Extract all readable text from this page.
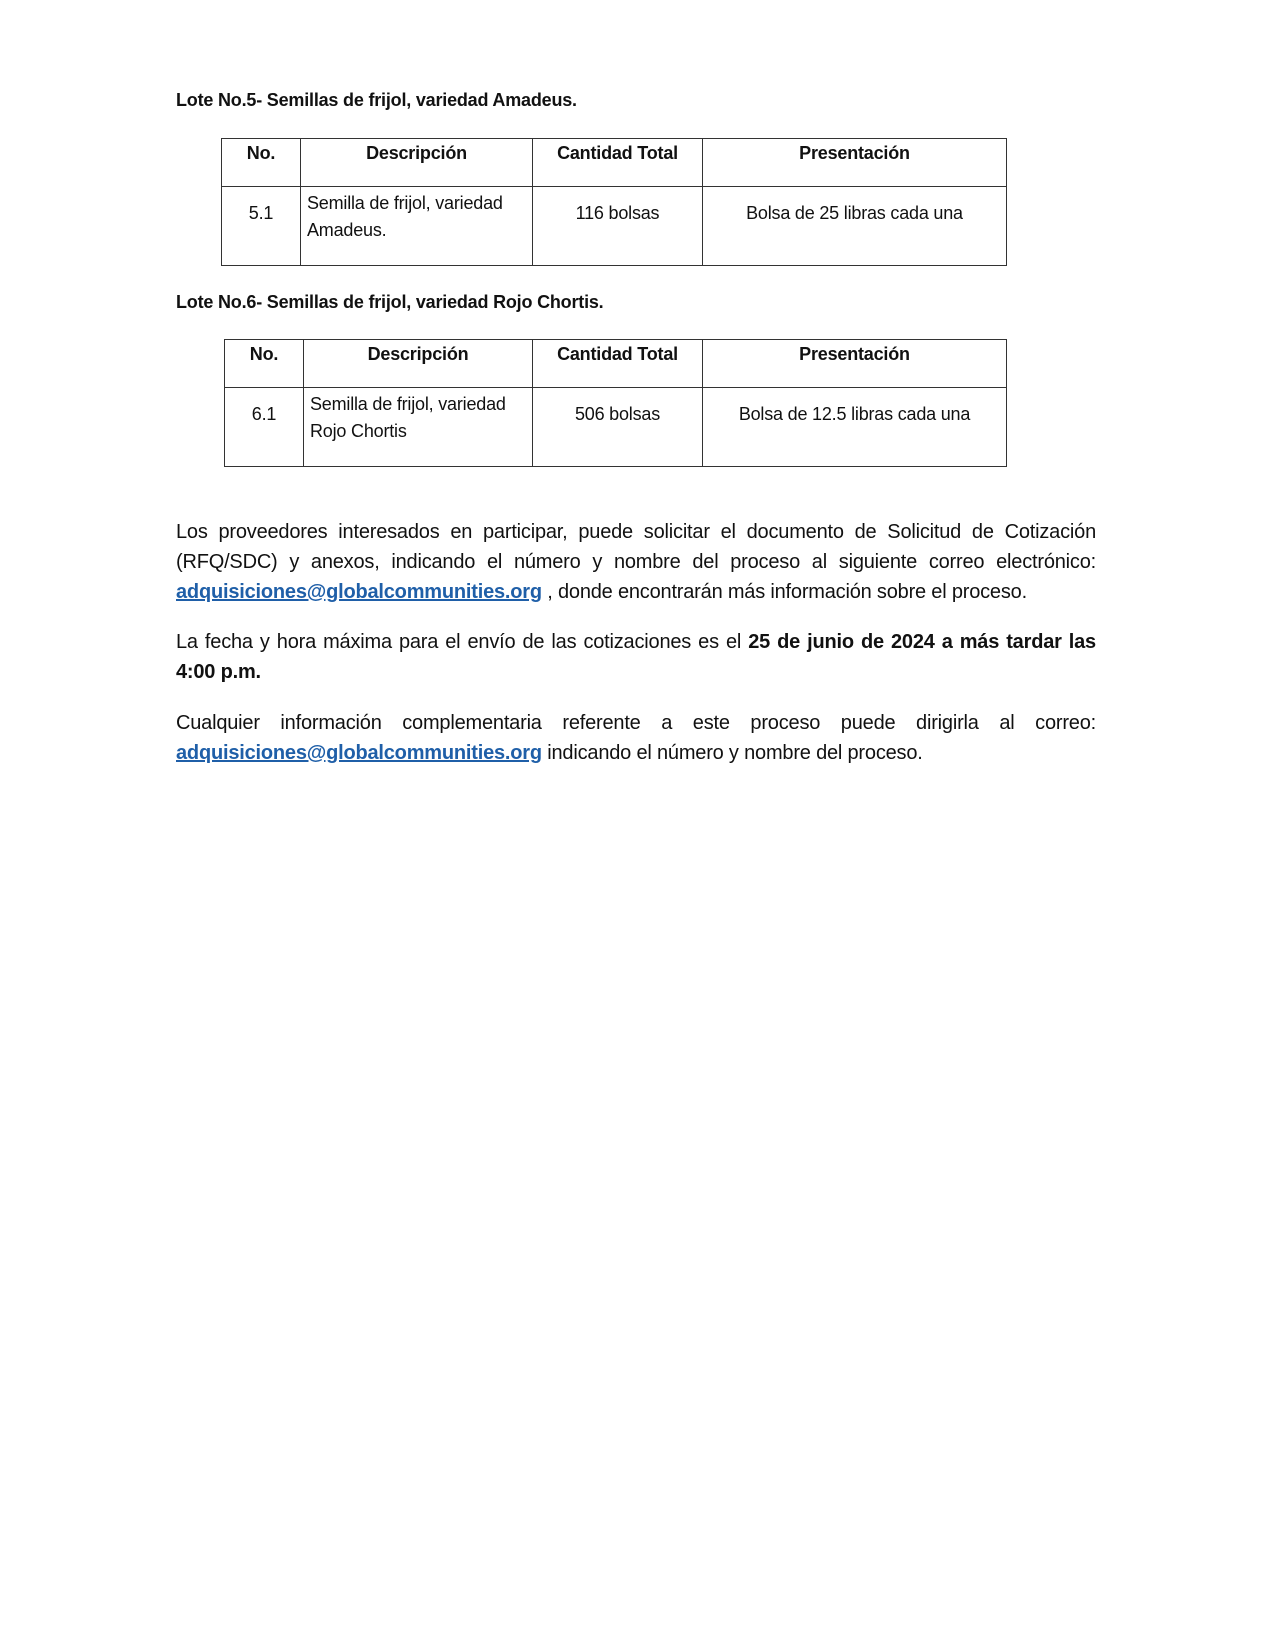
Lote No.5- Semillas de frijol, variedad Amadeus.
No.	Descripción	Cantidad Total	Presentación
5.1	Semilla de frijol, variedad Amadeus.	116 bolsas	Bolsa de 25 libras cada una
Lote No.6- Semillas de frijol, variedad Rojo Chortis.
No.	Descripción	Cantidad Total	Presentación
6.1	Semilla de frijol, variedad Rojo Chortis	506 bolsas	Bolsa de 12.5 libras cada una

Los proveedores interesados en participar, puede solicitar el documento de Solicitud de Cotización (RFQ/SDC) y anexos, indicando el número y nombre del proceso al siguiente correo electrónico: adquisiciones@globalcommunities.org , donde encontrarán más información sobre el proceso.

La fecha y hora máxima para el envío de las cotizaciones es el 25 de junio de 2024 a más tardar las 4:00 p.m.

Cualquier información complementaria referente a este proceso puede dirigirla al correo: adquisiciones@globalcommunities.org indicando el número y nombre del proceso.
